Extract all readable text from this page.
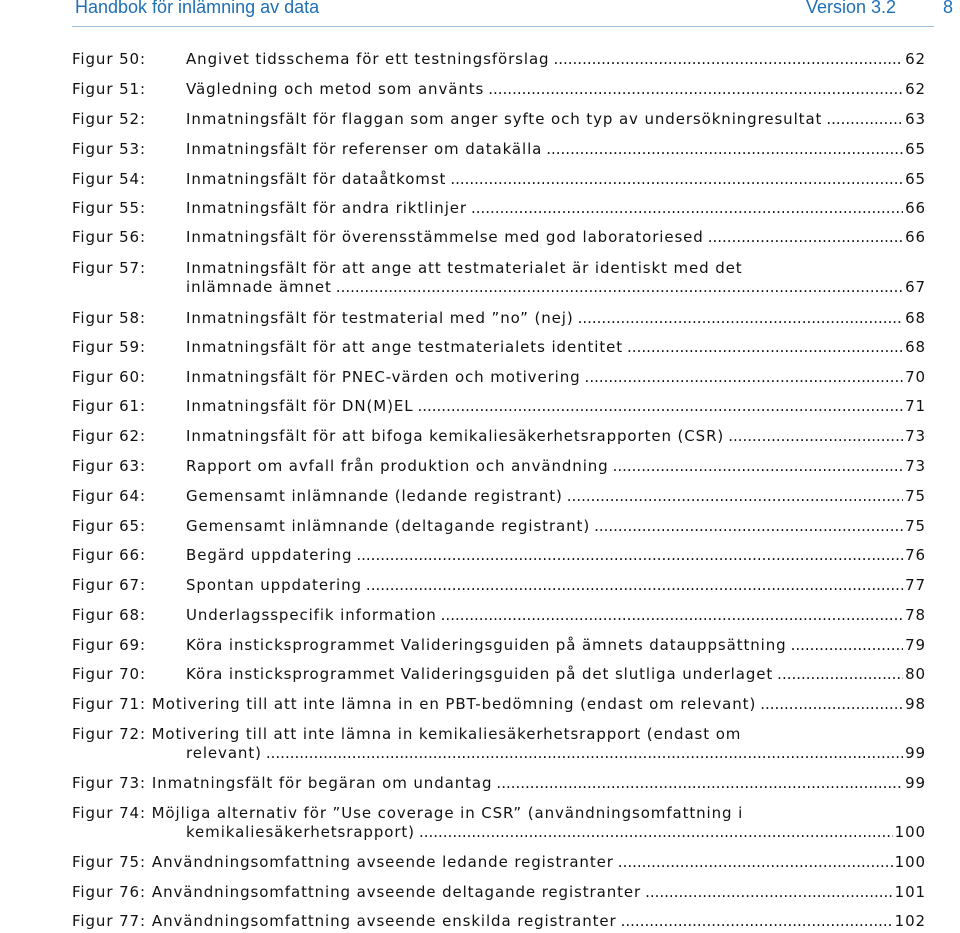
Handbok för inlämning av data	Version 3.2	8
Figur 50:	Angivet tidsschema för ett testningsförslag .....	62
Figur 51:	Vägledning och metod som använts .....	62
Figur 52:	Inmatningsfält för flaggan som anger syfte och typ av undersökningresultat .....	63
Figur 53:	Inmatningsfält för referenser om datakälla .....	65
Figur 54:	Inmatningsfält för dataåtkomst .....	65
Figur 55:	Inmatningsfält för andra riktlinjer .....	66
Figur 56:	Inmatningsfält för överensstämmelse med god laboratoriesed .....	66
Figur 57:	Inmatningsfält för att ange att testmaterialet är identiskt med det
inlämnade ämnet .....	67
Figur 58:	Inmatningsfält för testmaterial med ”no” (nej) .....	68
Figur 59:	Inmatningsfält för att ange testmaterialets identitet .....	68
Figur 60:	Inmatningsfält för PNEC-värden och motivering .....	70
Figur 61:	Inmatningsfält för DN(M)EL .....	71
Figur 62:	Inmatningsfält för att bifoga kemikaliesäkerhetsrapporten (CSR) .....	73
Figur 63:	Rapport om avfall från produktion och användning .....	73
Figur 64:	Gemensamt inlämnande (ledande registrant) .....	75
Figur 65:	Gemensamt inlämnande (deltagande registrant) .....	75
Figur 66:	Begärd uppdatering .....	76
Figur 67:	Spontan uppdatering .....	77
Figur 68:	Underlagsspecifik information .....	78
Figur 69:	Köra insticksprogrammet Valideringsguiden på ämnets datauppsättning .....	79
Figur 70:	Köra insticksprogrammet Valideringsguiden på det slutliga underlaget .....	80
Figur 71: Motivering till att inte lämna in en PBT-bedömning (endast om relevant) .....	98
Figur 72: Motivering till att inte lämna in kemikaliesäkerhetsrapport (endast om
relevant) .....	99
Figur 73: Inmatningsfält för begäran om undantag .....	99
Figur 74: Möjliga alternativ för ”Use coverage in CSR” (användningsomfattning i
kemikaliesäkerhetsrapport) .....	100
Figur 75: Användningsomfattning avseende ledande registranter .....	100
Figur 76: Användningsomfattning avseende deltagande registranter .....	101
Figur 77: Användningsomfattning avseende enskilda registranter .....	102
